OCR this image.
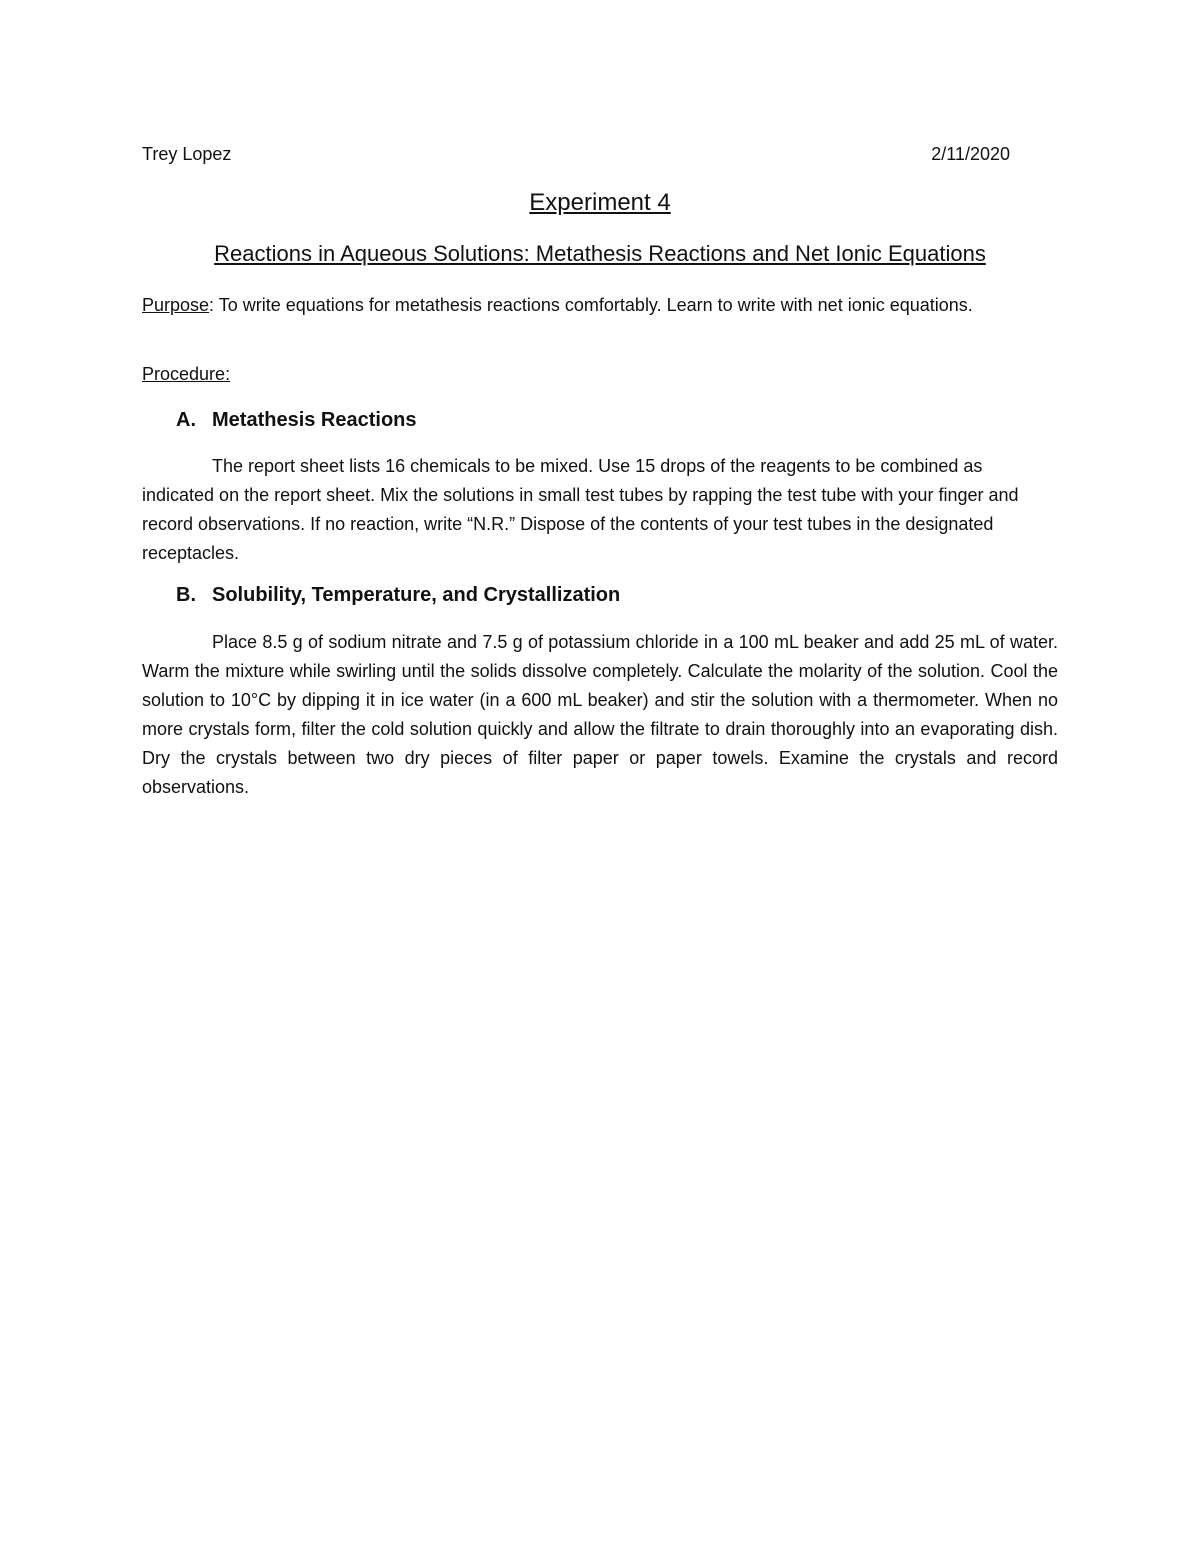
Trey Lopez	2/11/2020
Experiment 4
Reactions in Aqueous Solutions: Metathesis Reactions and Net Ionic Equations
Purpose: To write equations for metathesis reactions comfortably. Learn to write with net ionic equations.
Procedure:
A. Metathesis Reactions
The report sheet lists 16 chemicals to be mixed. Use 15 drops of the reagents to be combined as indicated on the report sheet. Mix the solutions in small test tubes by rapping the test tube with your finger and record observations. If no reaction, write “N.R.” Dispose of the contents of your test tubes in the designated receptacles.
B. Solubility, Temperature, and Crystallization
Place 8.5 g of sodium nitrate and 7.5 g of potassium chloride in a 100 mL beaker and add 25 mL of water. Warm the mixture while swirling until the solids dissolve completely. Calculate the molarity of the solution. Cool the solution to 10°C by dipping it in ice water (in a 600 mL beaker) and stir the solution with a thermometer. When no more crystals form, filter the cold solution quickly and allow the filtrate to drain thoroughly into an evaporating dish. Dry the crystals between two dry pieces of filter paper or paper towels. Examine the crystals and record observations.
